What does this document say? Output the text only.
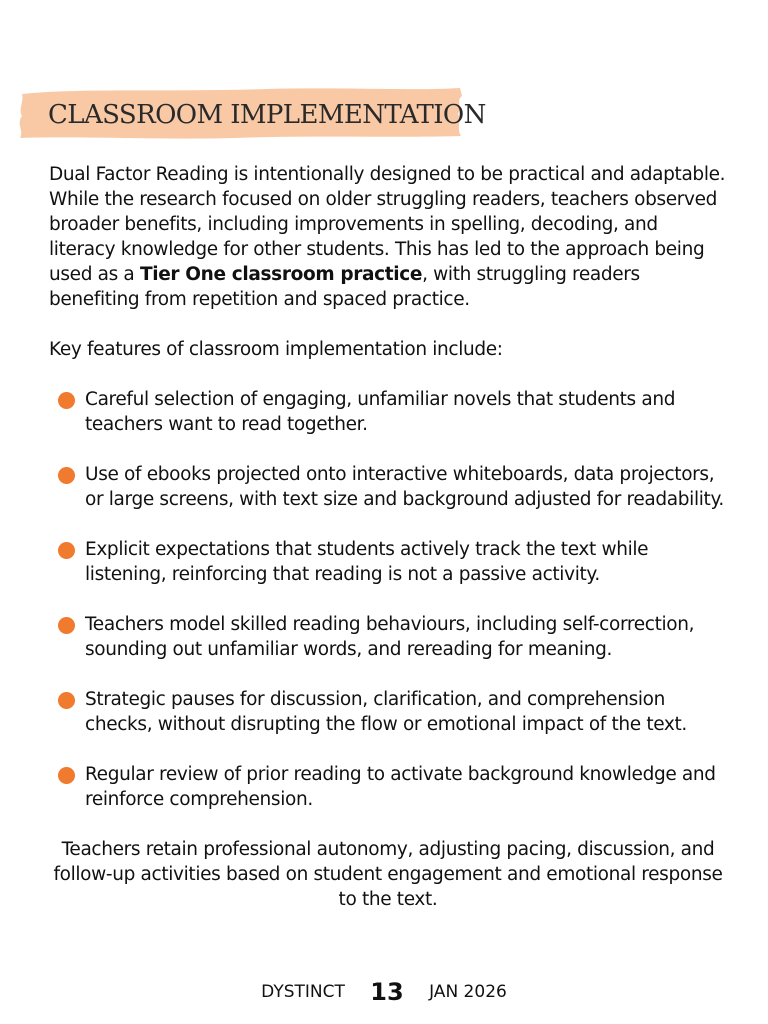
CLASSROOM IMPLEMENTATION

Dual Factor Reading is intentionally designed to be practical and adaptable. While the research focused on older struggling readers, teachers observed broader benefits, including improvements in spelling, decoding, and literacy knowledge for other students. This has led to the approach being used as a Tier One classroom practice, with struggling readers benefiting from repetition and spaced practice.

Key features of classroom implementation include:

Careful selection of engaging, unfamiliar novels that students and teachers want to read together.
Use of ebooks projected onto interactive whiteboards, data projectors, or large screens, with text size and background adjusted for readability.
Explicit expectations that students actively track the text while listening, reinforcing that reading is not a passive activity.
Teachers model skilled reading behaviours, including self-correction, sounding out unfamiliar words, and rereading for meaning.
Strategic pauses for discussion, clarification, and comprehension checks, without disrupting the flow or emotional impact of the text.
Regular review of prior reading to activate background knowledge and reinforce comprehension.

Teachers retain professional autonomy, adjusting pacing, discussion, and follow-up activities based on student engagement and emotional response to the text.

DYSTINCT 13 JAN 2026
